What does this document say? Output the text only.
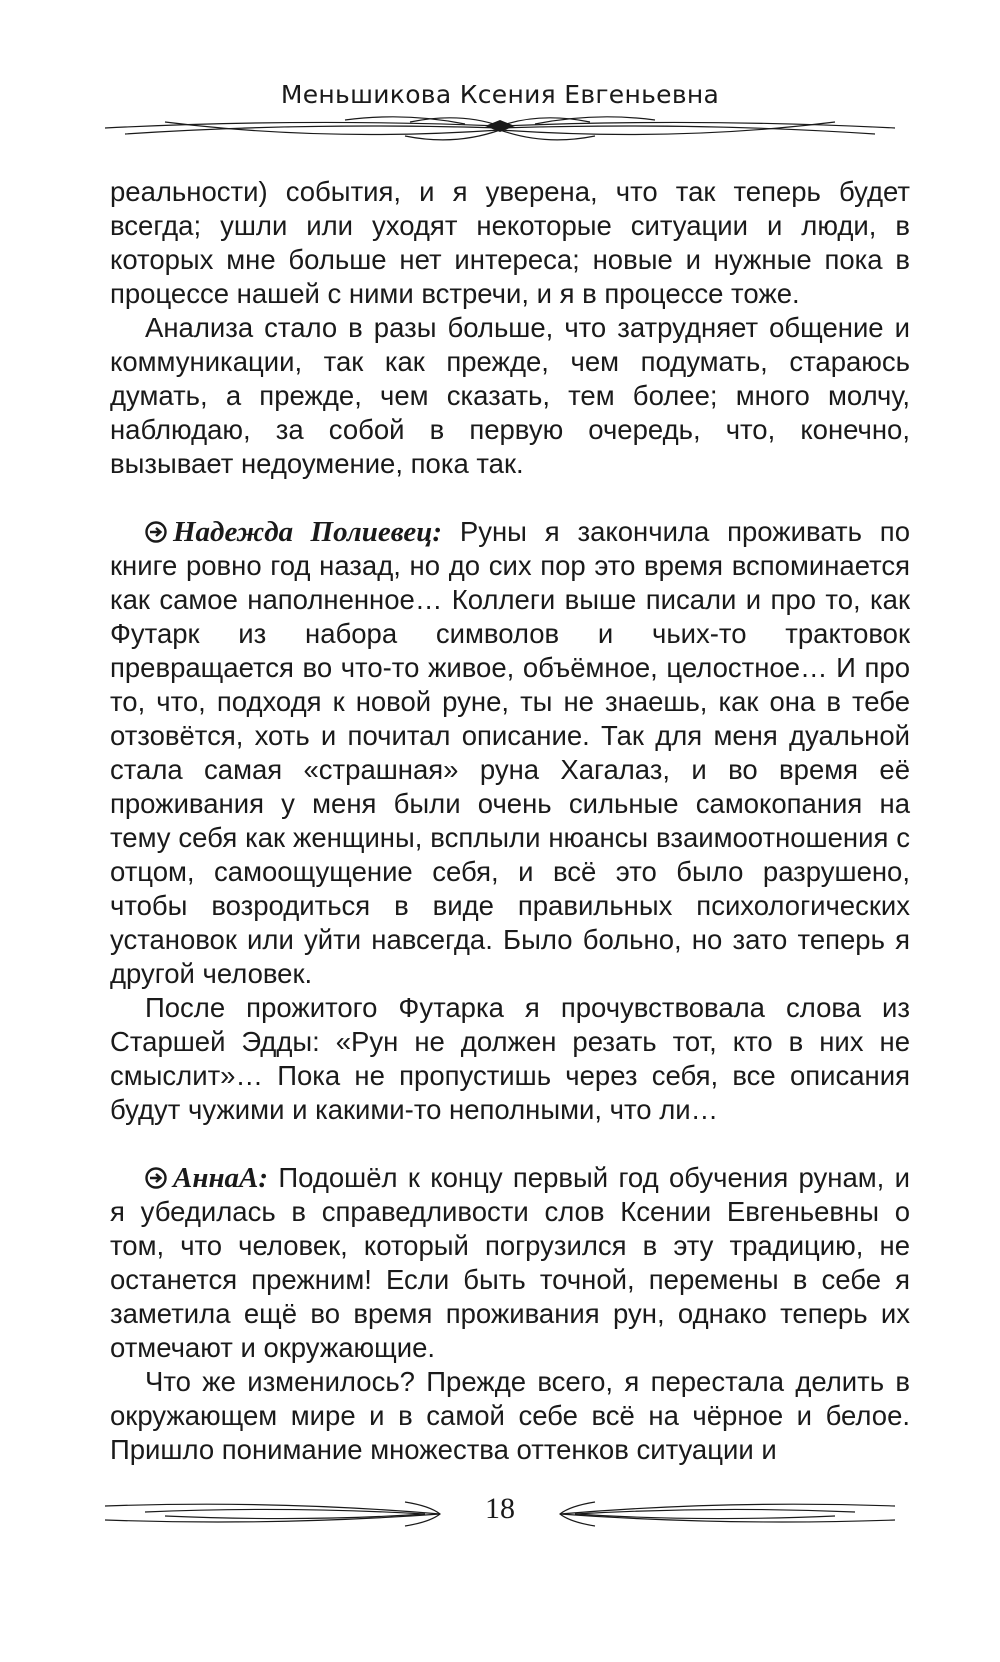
Меньшикова Ксения Евгеньевна

реальности) события, и я уверена, что так теперь будет всегда; ушли или уходят некоторые ситуации и люди, в которых мне больше нет интереса; новые и нужные пока в процессе нашей с ними встречи, и я в процессе тоже.

Анализа стало в разы больше, что затрудняет общение и коммуникации, так как прежде, чем подумать, стараюсь думать, а прежде, чем сказать, тем более; много молчу, наблюдаю, за собой в первую очередь, что, конечно, вызывает недоумение, пока так.

Надежда Полиевец: Руны я закончила проживать по книге ровно год назад, но до сих пор это время вспоминается как самое наполненное… Коллеги выше писали и про то, как Футарк из набора символов и чьих-то трактовок превращается во что-то живое, объёмное, целостное… И про то, что, подходя к новой руне, ты не знаешь, как она в тебе отзовётся, хоть и почитал описание. Так для меня дуальной стала самая «страшная» руна Хагалаз, и во время её проживания у меня были очень сильные самокопания на тему себя как женщины, всплыли нюансы взаимоотношения с отцом, самоощущение себя, и всё это было разрушено, чтобы возродиться в виде правильных психологических установок или уйти навсегда. Было больно, но зато теперь я другой человек.

После прожитого Футарка я прочувствовала слова из Старшей Эдды: «Рун не должен резать тот, кто в них не смыслит»… Пока не пропустишь через себя, все описания будут чужими и какими-то неполными, что ли…

АннаА: Подошёл к концу первый год обучения рунам, и я убедилась в справедливости слов Ксении Евгеньевны о том, что человек, который погрузился в эту традицию, не останется прежним! Если быть точной, перемены в себе я заметила ещё во время проживания рун, однако теперь их отмечают и окружающие.

Что же изменилось? Прежде всего, я перестала делить в окружающем мире и в самой себе всё на чёрное и белое. Пришло понимание множества оттенков ситуации и

18
